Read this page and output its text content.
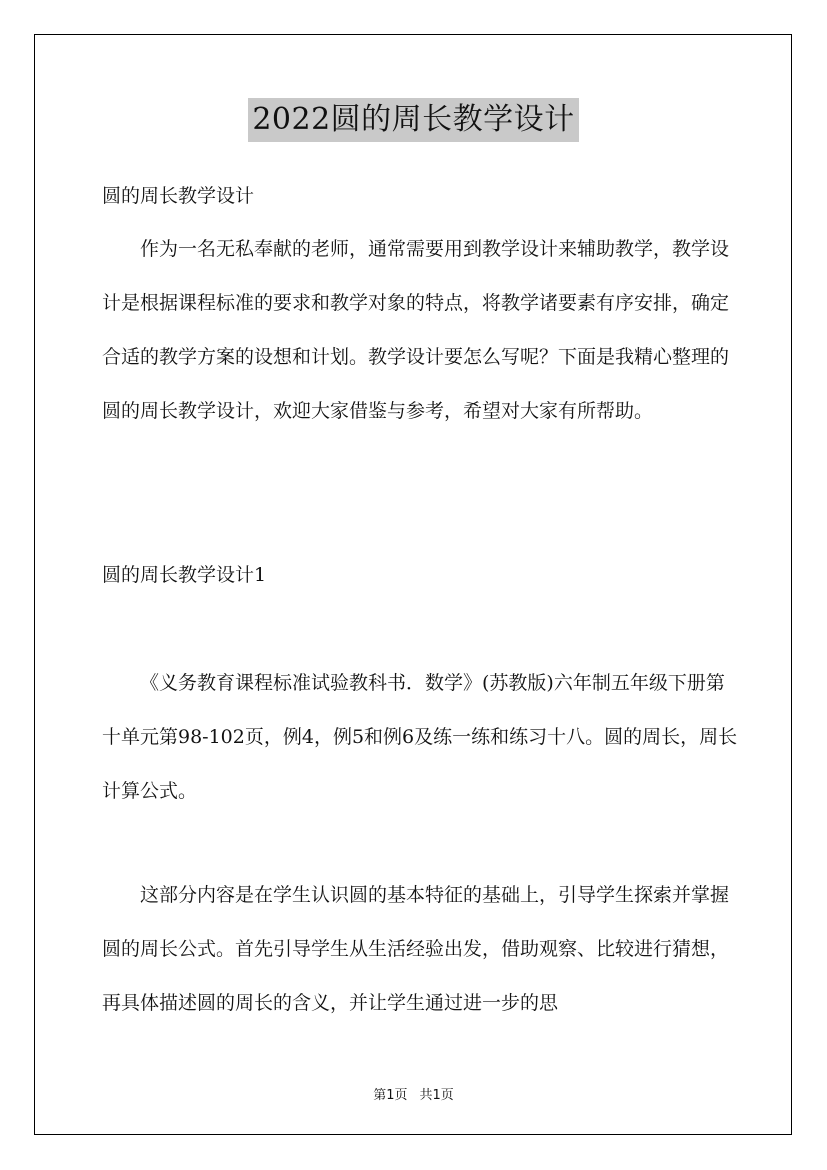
2022圆的周长教学设计
圆的周长教学设计

作为一名无私奉献的老师，通常需要用到教学设计来辅助教学，教学设计是根据课程标准的要求和教学对象的特点，将教学诸要素有序安排，确定合适的教学方案的设想和计划。教学设计要怎么写呢？下面是我精心整理的圆的周长教学设计，欢迎大家借鉴与参考，希望对大家有所帮助。

圆的周长教学设计1

《义务教育课程标准试验教科书．数学》(苏教版)六年制五年级下册第十单元第98-102页，例4，例5和例6及练一练和练习十八。圆的周长，周长计算公式。

这部分内容是在学生认识圆的基本特征的基础上，引导学生探索并掌握圆的周长公式。首先引导学生从生活经验出发，借助观察、比较进行猜想，再具体描述圆的周长的含义，并让学生通过进一步的思

第1页 共1页
